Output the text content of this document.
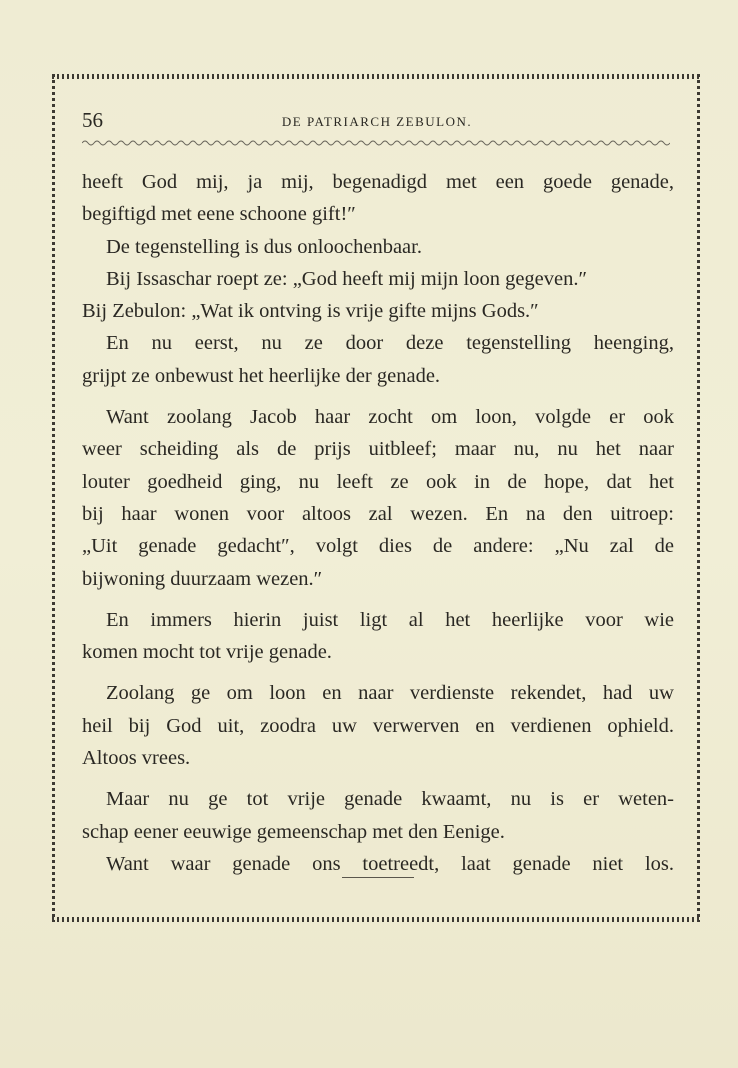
56	DE PATRIARCH ZEBULON.
heeft God mij, ja mij, begenadigd met een goede genade,
begiftigd met eene schoone gift!″
De tegenstelling is dus onloochenbaar.
Bij Issaschar roept ze: „God heeft mij mijn loon gegeven.″
Bij Zebulon: „Wat ik ontving is vrije gifte mijns Gods.″
En nu eerst, nu ze door deze tegenstelling heenging,
grijpt ze onbewust het heerlijke der genade.
Want zoolang Jacob haar zocht om loon, volgde er ook
weer scheiding als de prijs uitbleef; maar nu, nu het naar
louter goedheid ging, nu leeft ze ook in de hope, dat het
bij haar wonen voor altoos zal wezen. En na den uitroep:
„Uit genade gedacht″, volgt dies de andere: „Nu zal de
bijwoning duurzaam wezen.″
En immers hierin juist ligt al het heerlijke voor wie
komen mocht tot vrije genade.
Zoolang ge om loon en naar verdienste rekendet, had uw
heil bij God uit, zoodra uw verwerven en verdienen ophield.
Altoos vrees.
Maar nu ge tot vrije genade kwaamt, nu is er weten-
schap eener eeuwige gemeenschap met den Eenige.
Want waar genade ons toetreedt, laat genade niet los.
